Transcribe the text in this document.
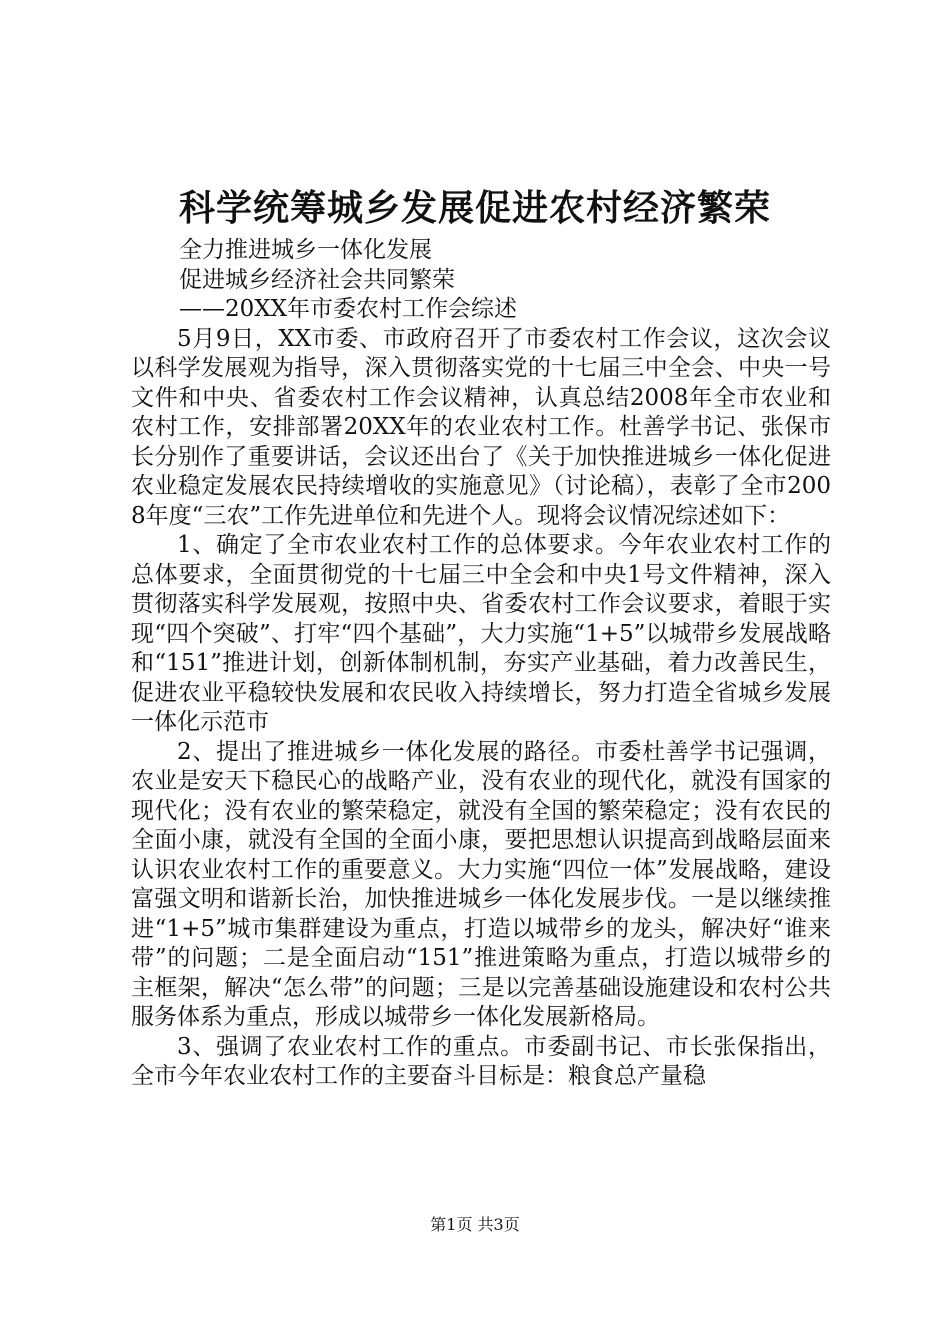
科学统筹城乡发展促进农村经济繁荣

全力推进城乡一体化发展

促进城乡经济社会共同繁荣

——20XX年市委农村工作会综述

5月9日，XX市委、市政府召开了市委农村工作会议，这次会议以科学发展观为指导，深入贯彻落实党的十七届三中全会、中央一号文件和中央、省委农村工作会议精神，认真总结2008年全市农业和农村工作，安排部署20XX年的农业农村工作。杜善学书记、张保市长分别作了重要讲话，会议还出台了《关于加快推进城乡一体化促进农业稳定发展农民持续增收的实施意见》（讨论稿），表彰了全市2008年度“三农”工作先进单位和先进个人。现将会议情况综述如下：

1、确定了全市农业农村工作的总体要求。今年农业农村工作的总体要求，全面贯彻党的十七届三中全会和中央1号文件精神，深入贯彻落实科学发展观，按照中央、省委农村工作会议要求，着眼于实现“四个突破”、打牢“四个基础”，大力实施“1+5”以城带乡发展战略和“151”推进计划，创新体制机制，夯实产业基础，着力改善民生，促进农业平稳较快发展和农民收入持续增长，努力打造全省城乡发展一体化示范市

2、提出了推进城乡一体化发展的路径。市委杜善学书记强调，农业是安天下稳民心的战略产业，没有农业的现代化，就没有国家的现代化；没有农业的繁荣稳定，就没有全国的繁荣稳定；没有农民的全面小康，就没有全国的全面小康，要把思想认识提高到战略层面来认识农业农村工作的重要意义。大力实施“四位一体”发展战略，建设富强文明和谐新长治，加快推进城乡一体化发展步伐。一是以继续推进“1+5”城市集群建设为重点，打造以城带乡的龙头，解决好“谁来带”的问题；二是全面启动“151”推进策略为重点，打造以城带乡的主框架，解决“怎么带”的问题；三是以完善基础设施建设和农村公共服务体系为重点，形成以城带乡一体化发展新格局。

3、强调了农业农村工作的重点。市委副书记、市长张保指出，全市今年农业农村工作的主要奋斗目标是：粮食总产量稳

第1页 共3页
